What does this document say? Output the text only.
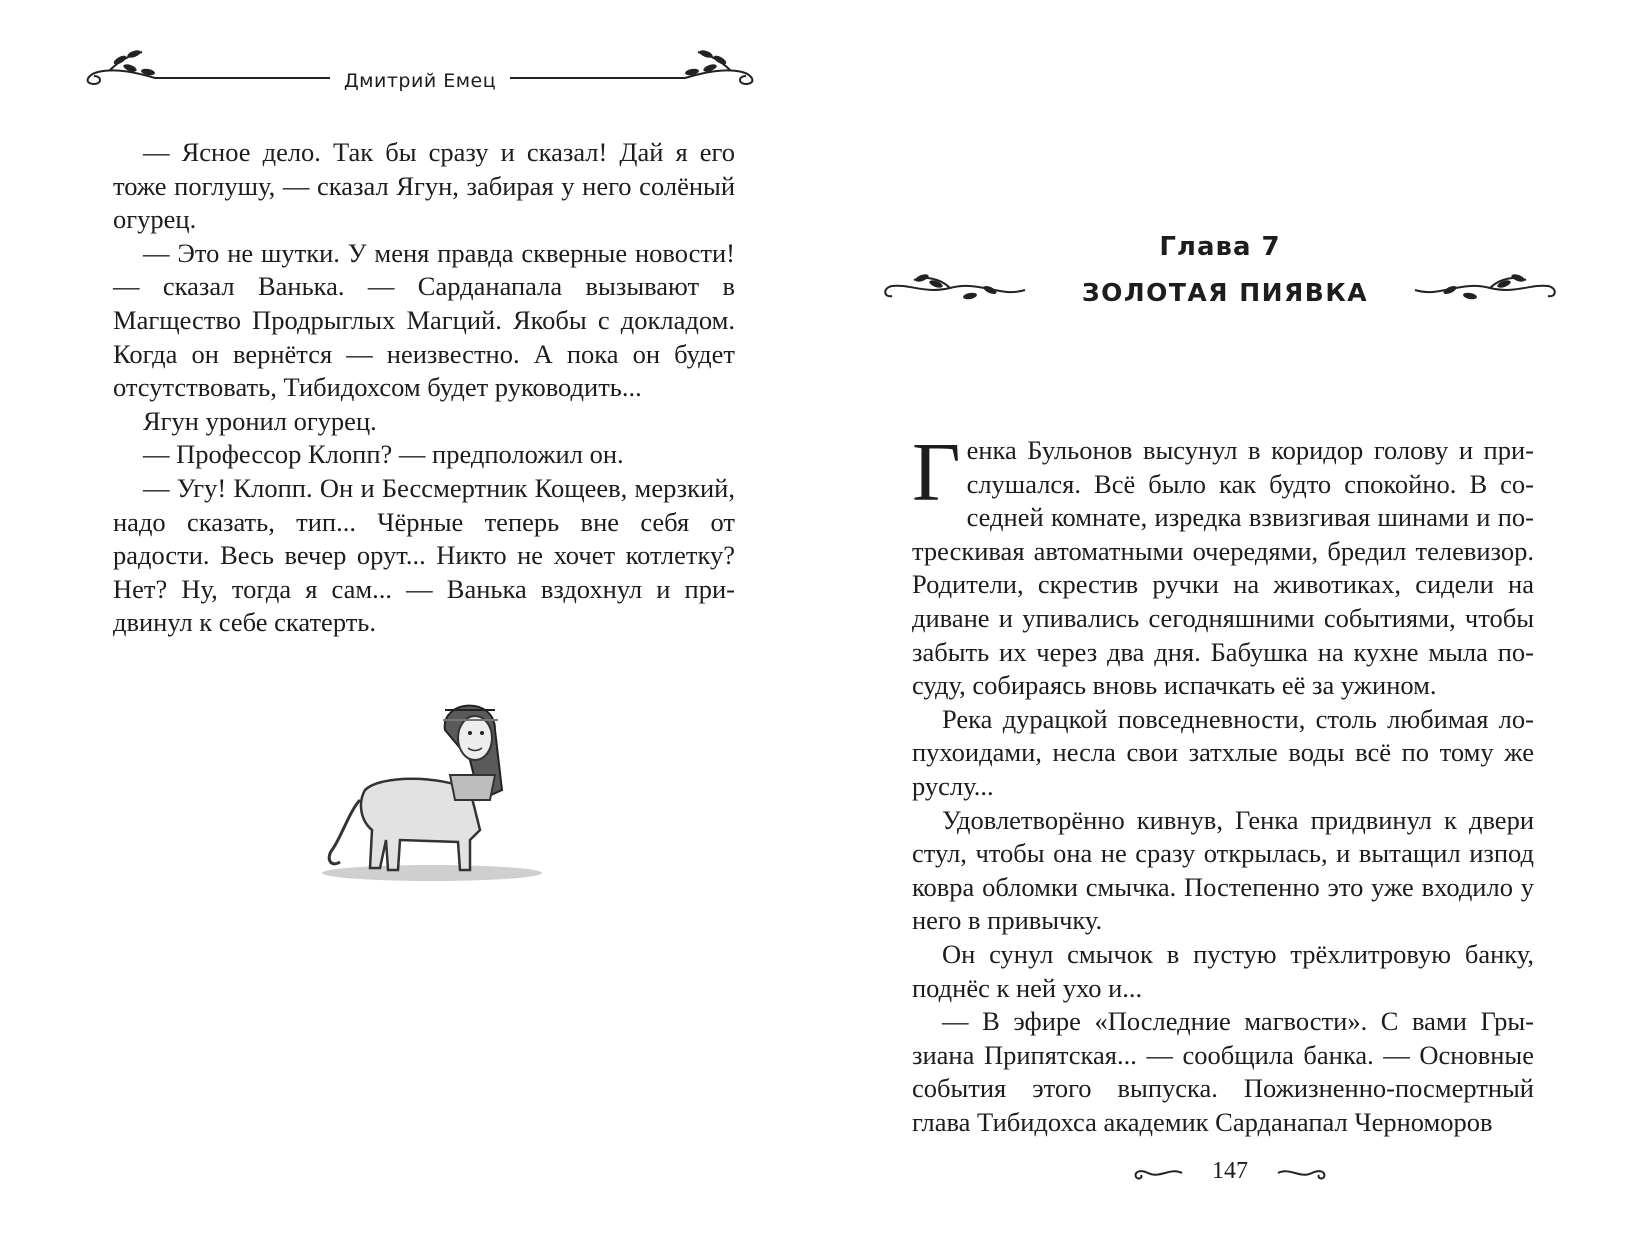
Дмитрий Емец

— Ясное дело. Так бы сразу и сказал! Дай я его тоже поглушу, — сказал Ягун, забирая у него солёный огурец.

— Это не шутки. У меня правда скверные новости! — сказал Ванька. — Сарданапала вызывают в Магщество Продрыглых Магций. Якобы с докладом. Когда он вернётся — неизвестно. А пока он будет отсутствовать, Тибидохсом будет руководить...

Ягун уронил огурец.

— Профессор Клопп? — предположил он.

— Угу! Клопп. Он и Бессмертник Кощеев, мерзкий, надо сказать, тип... Чёрные теперь вне себя от радости. Весь вечер орут... Никто не хочет котлетку? Нет? Ну, тогда я сам... — Ванька вздохнул и придвинул к себе скатерть.

Глава 7
ЗОЛОТАЯ ПИЯВКА

Генка Бульонов высунул в коридор голову и прислушался. Всё было как будто спокойно. В соседней комнате, изредка взвизгивая шинами и потрескивая автоматными очередями, бредил телевизор. Родители, скрестив ручки на животиках, сидели на диване и упивались сегодняшними событиями, чтобы забыть их через два дня. Бабушка на кухне мыла посуду, собираясь вновь испачкать её за ужином.

Река дурацкой повседневности, столь любимая лопухоидами, несла свои затхлые воды всё по тому же руслу...

Удовлетворённо кивнув, Генка придвинул к двери стул, чтобы она не сразу открылась, и вытащил изпод ковра обломки смычка. Постепенно это уже входило у него в привычку.

Он сунул смычок в пустую трёхлитровую банку, поднёс к ней ухо и...

— В эфире «Последние магвости». С вами Грызиана Припятская... — сообщила банка. — Основные события этого выпуска. Пожизненно-посмертный глава Тибидохса академик Сарданапал Черноморов

147
